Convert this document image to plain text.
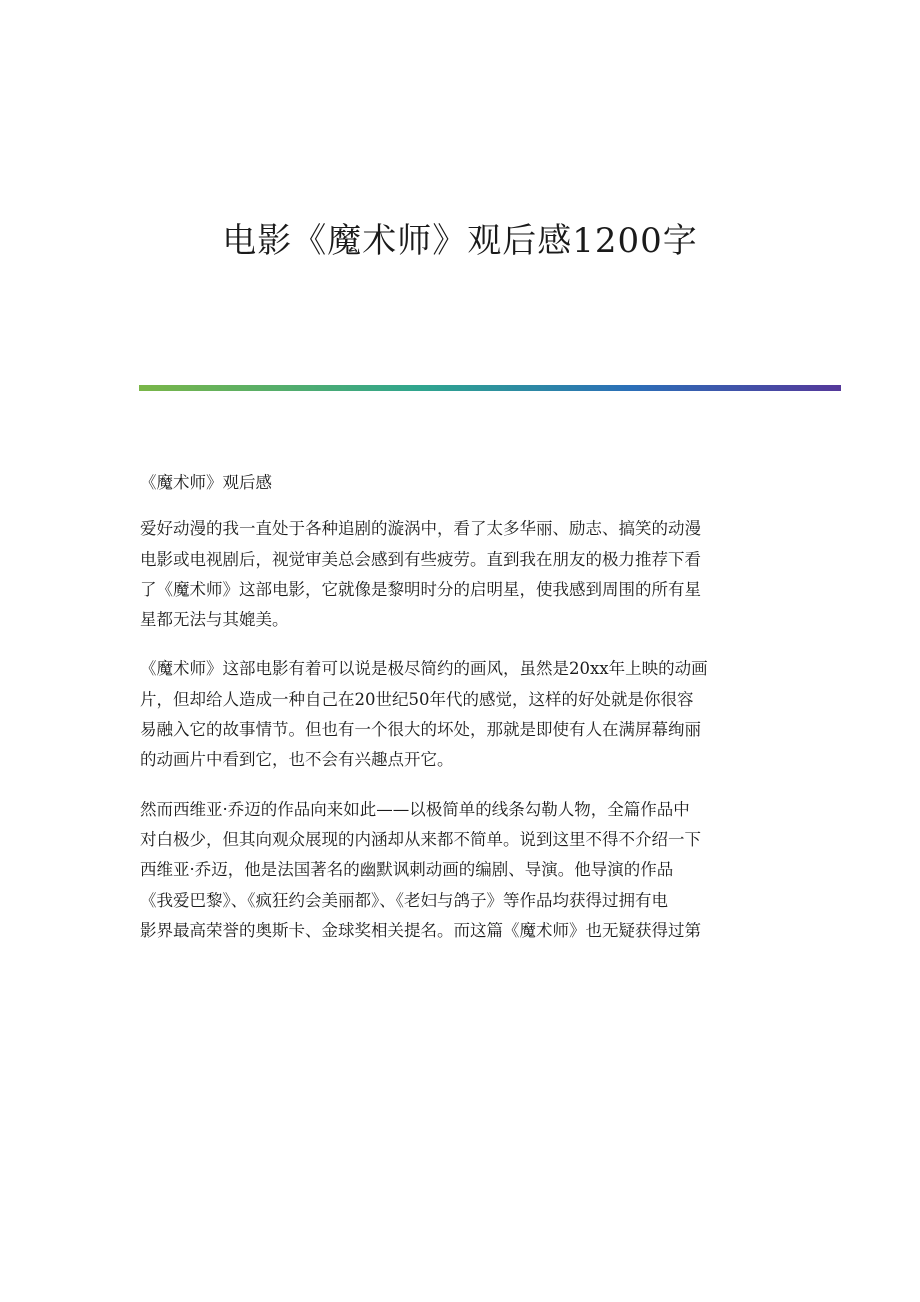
电影《魔术师》观后感1200字

《魔术师》观后感

爱好动漫的我一直处于各种追剧的漩涡中，看了太多华丽、励志、搞笑的动漫
电影或电视剧后，视觉审美总会感到有些疲劳。直到我在朋友的极力推荐下看
了《魔术师》这部电影，它就像是黎明时分的启明星，使我感到周围的所有星
星都无法与其媲美。

《魔术师》这部电影有着可以说是极尽简约的画风，虽然是20xx年上映的动画
片，但却给人造成一种自己在20世纪50年代的感觉，这样的好处就是你很容
易融入它的故事情节。但也有一个很大的坏处，那就是即使有人在满屏幕绚丽
的动画片中看到它，也不会有兴趣点开它。

然而西维亚·乔迈的作品向来如此——以极简单的线条勾勒人物，全篇作品中
对白极少，但其向观众展现的内涵却从来都不简单。说到这里不得不介绍一下
西维亚·乔迈，他是法国著名的幽默讽刺动画的编剧、导演。他导演的作品
《我爱巴黎》、《疯狂约会美丽都》、《老妇与鸽子》等作品均获得过拥有电
影界最高荣誉的奥斯卡、金球奖相关提名。而这篇《魔术师》也无疑获得过第
